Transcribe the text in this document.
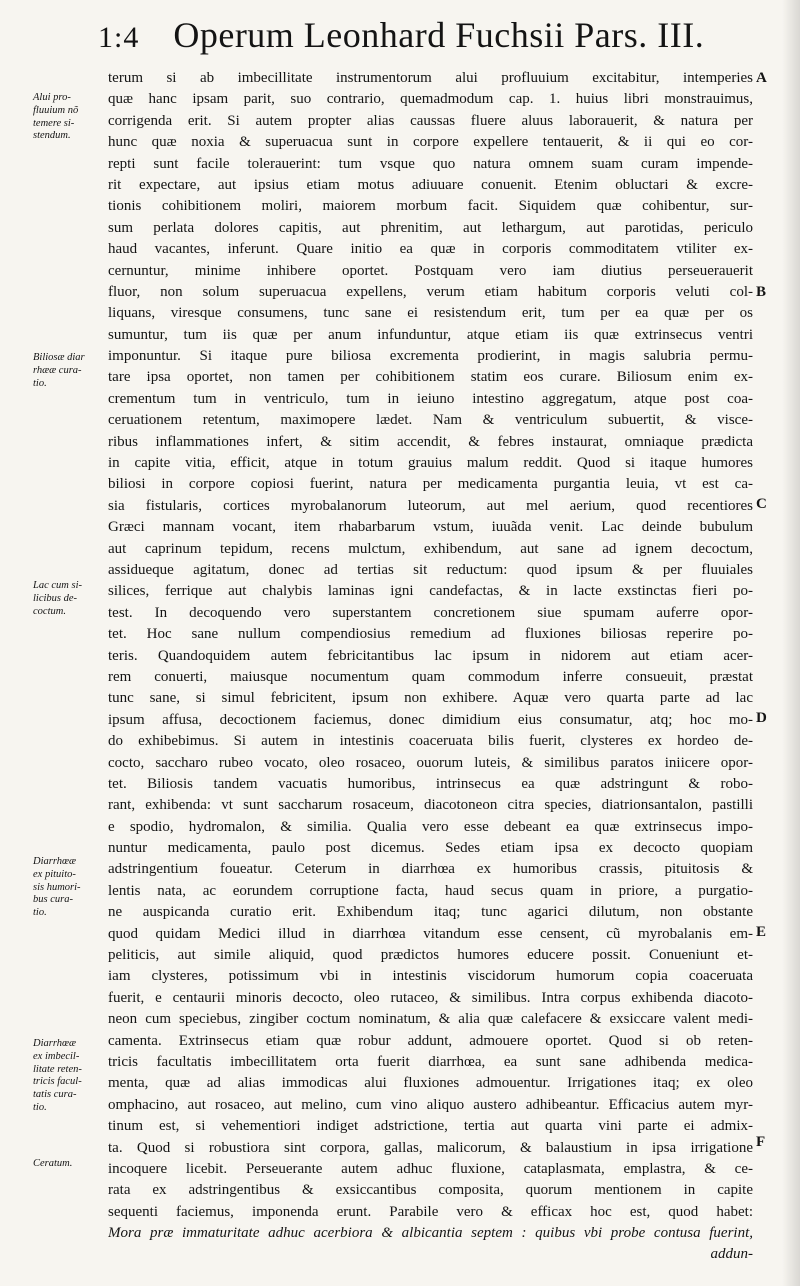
1:4 Operum Leonhard Fuchsii Pars. III.
Alui pro-
fluuium nõ
temere si-
stendum.
Biliosæ diar
rhææ cura-
tio.
Lac cum si-
licibus de-
coctum.
Diarrhœæ
ex pituito-
sis humori-
bus cura-
tio.
Diarrhœæ
ex imbecil-
litate reten-
tricis facul-
tatis cura-
tio.
Ceratum.
terum si ab imbecillitate instrumentorum alui profluuium excitabitur, intemperies
quæ hanc ipsam parit, suo contrario, quemadmodum cap. 1. huius libri monstrauimus,
corrigenda erit. Si autem propter alias caussas fluere aluus laborauerit, & natura per
hunc quæ noxia & superuacua sunt in corpore expellere tentauerit, & ii qui eo cor-
repti sunt facile tolerauerint: tum vsque quo natura omnem suam curam impende-
rit expectare, aut ipsius etiam motus adiuuare conuenit. Etenim obluctari & excre-
tionis cohibitionem moliri, maiorem morbum facit. Siquidem quæ cohibentur, sur-
sum perlata dolores capitis, aut phrenitim, aut lethargum, aut parotidas, periculo
haud vacantes, inferunt. Quare initio ea quæ in corporis commoditatem vtiliter ex-
cernuntur, minime inhibere oportet. Postquam vero iam diutius perseuerauerit
fluor, non solum superuacua expellens, verum etiam habitum corporis veluti col-
liquans, viresque consumens, tunc sane ei resistendum erit, tum per ea quæ per os
sumuntur, tum iis quæ per anum infunduntur, atque etiam iis quæ extrinsecus ventri
imponuntur. Si itaque pure biliosa excrementa prodierint, in magis salubria permu-
tare ipsa oportet, non tamen per cohibitionem statim eos curare. Biliosum enim ex-
crementum tum in ventriculo, tum in ieiuno intestino aggregatum, atque post coa-
ceruationem retentum, maximopere lædet. Nam & ventriculum subuertit, & visce-
ribus inflammationes infert, & sitim accendit, & febres instaurat, omniaque prædicta
in capite vitia, efficit, atque in totum grauius malum reddit. Quod si itaque humores
biliosi in corpore copiosi fuerint, natura per medicamenta purgantia leuia, vt est ca-
sia fistularis, cortices myrobalanorum luteorum, aut mel aerium, quod recentiores
Græci mannam vocant, item rhabarbarum vstum, iuuãda venit. Lac deinde bubulum
aut caprinum tepidum, recens mulctum, exhibendum, aut sane ad ignem decoctum,
assidueque agitatum, donec ad tertias sit reductum: quod ipsum & per fluuiales
silices, ferrique aut chalybis laminas igni candefactas, & in lacte exstinctas fieri po-
test. In decoquendo vero superstantem concretionem siue spumam auferre opor-
tet. Hoc sane nullum compendiosius remedium ad fluxiones biliosas reperire po-
teris. Quandoquidem autem febricitantibus lac ipsum in nidorem aut etiam acer-
rem conuerti, maiusque nocumentum quam commodum inferre consueuit, præstat
tunc sane, si simul febricitent, ipsum non exhibere. Aquæ vero quarta parte ad lac
ipsum affusa, decoctionem faciemus, donec dimidium eius consumatur, atq; hoc mo-
do exhibebimus. Si autem in intestinis coaceruata bilis fuerit, clysteres ex hordeo de-
cocto, saccharo rubeo vocato, oleo rosaceo, ouorum luteis, & similibus paratos iniicere opor-
tet. Biliosis tandem vacuatis humoribus, intrinsecus ea quæ adstringunt & robo-
rant, exhibenda: vt sunt saccharum rosaceum, diacotoneon citra species, diatrionsantalon, pastilli
e spodio, hydromalon, & similia. Qualia vero esse debeant ea quæ extrinsecus impo-
nuntur medicamenta, paulo post dicemus. Sedes etiam ipsa ex decocto quopiam
adstringentium foueatur. Ceterum in diarrhœa ex humoribus crassis, pituitosis &
lentis nata, ac eorundem corruptione facta, haud secus quam in priore, a purgatio-
ne auspicanda curatio erit. Exhibendum itaq; tunc agarici dilutum, non obstante
quod quidam Medici illud in diarrhœa vitandum esse censent, cũ myrobalanis em-
peliticis, aut simile aliquid, quod prædictos humores educere possit. Conueniunt et-
iam clysteres, potissimum vbi in intestinis viscidorum humorum copia coaceruata
fuerit, e centaurii minoris decocto, oleo rutaceo, & similibus. Intra corpus exhibenda diacoto-
neon cum speciebus, zingiber coctum nominatum, & alia quæ calefacere & exsiccare valent medi-
camenta. Extrinsecus etiam quæ robur addunt, admouere oportet. Quod si ob reten-
tricis facultatis imbecillitatem orta fuerit diarrhœa, ea sunt sane adhibenda medica-
menta, quæ ad alias immodicas alui fluxiones admouentur. Irrigationes itaq; ex oleo
omphacino, aut rosaceo, aut melino, cum vino aliquo austero adhibeantur. Efficacius autem myr-
tinum est, si vehementiori indiget adstrictione, tertia aut quarta vini parte ei admix-
ta. Quod si robustiora sint corpora, gallas, malicorum, & balaustium in ipsa irrigatione
incoquere licebit. Perseuerante autem adhuc fluxione, cataplasmata, emplastra, & ce-
rata ex adstringentibus & exsiccantibus composita, quorum mentionem in capite
sequenti faciemus, imponenda erunt. Parabile vero & efficax hoc est, quod habet:
Mora præ immaturitate adhuc acerbiora & albicantia septem : quibus vbi probe contusa fuerint,
addun-
A
B
C
D
E
F
